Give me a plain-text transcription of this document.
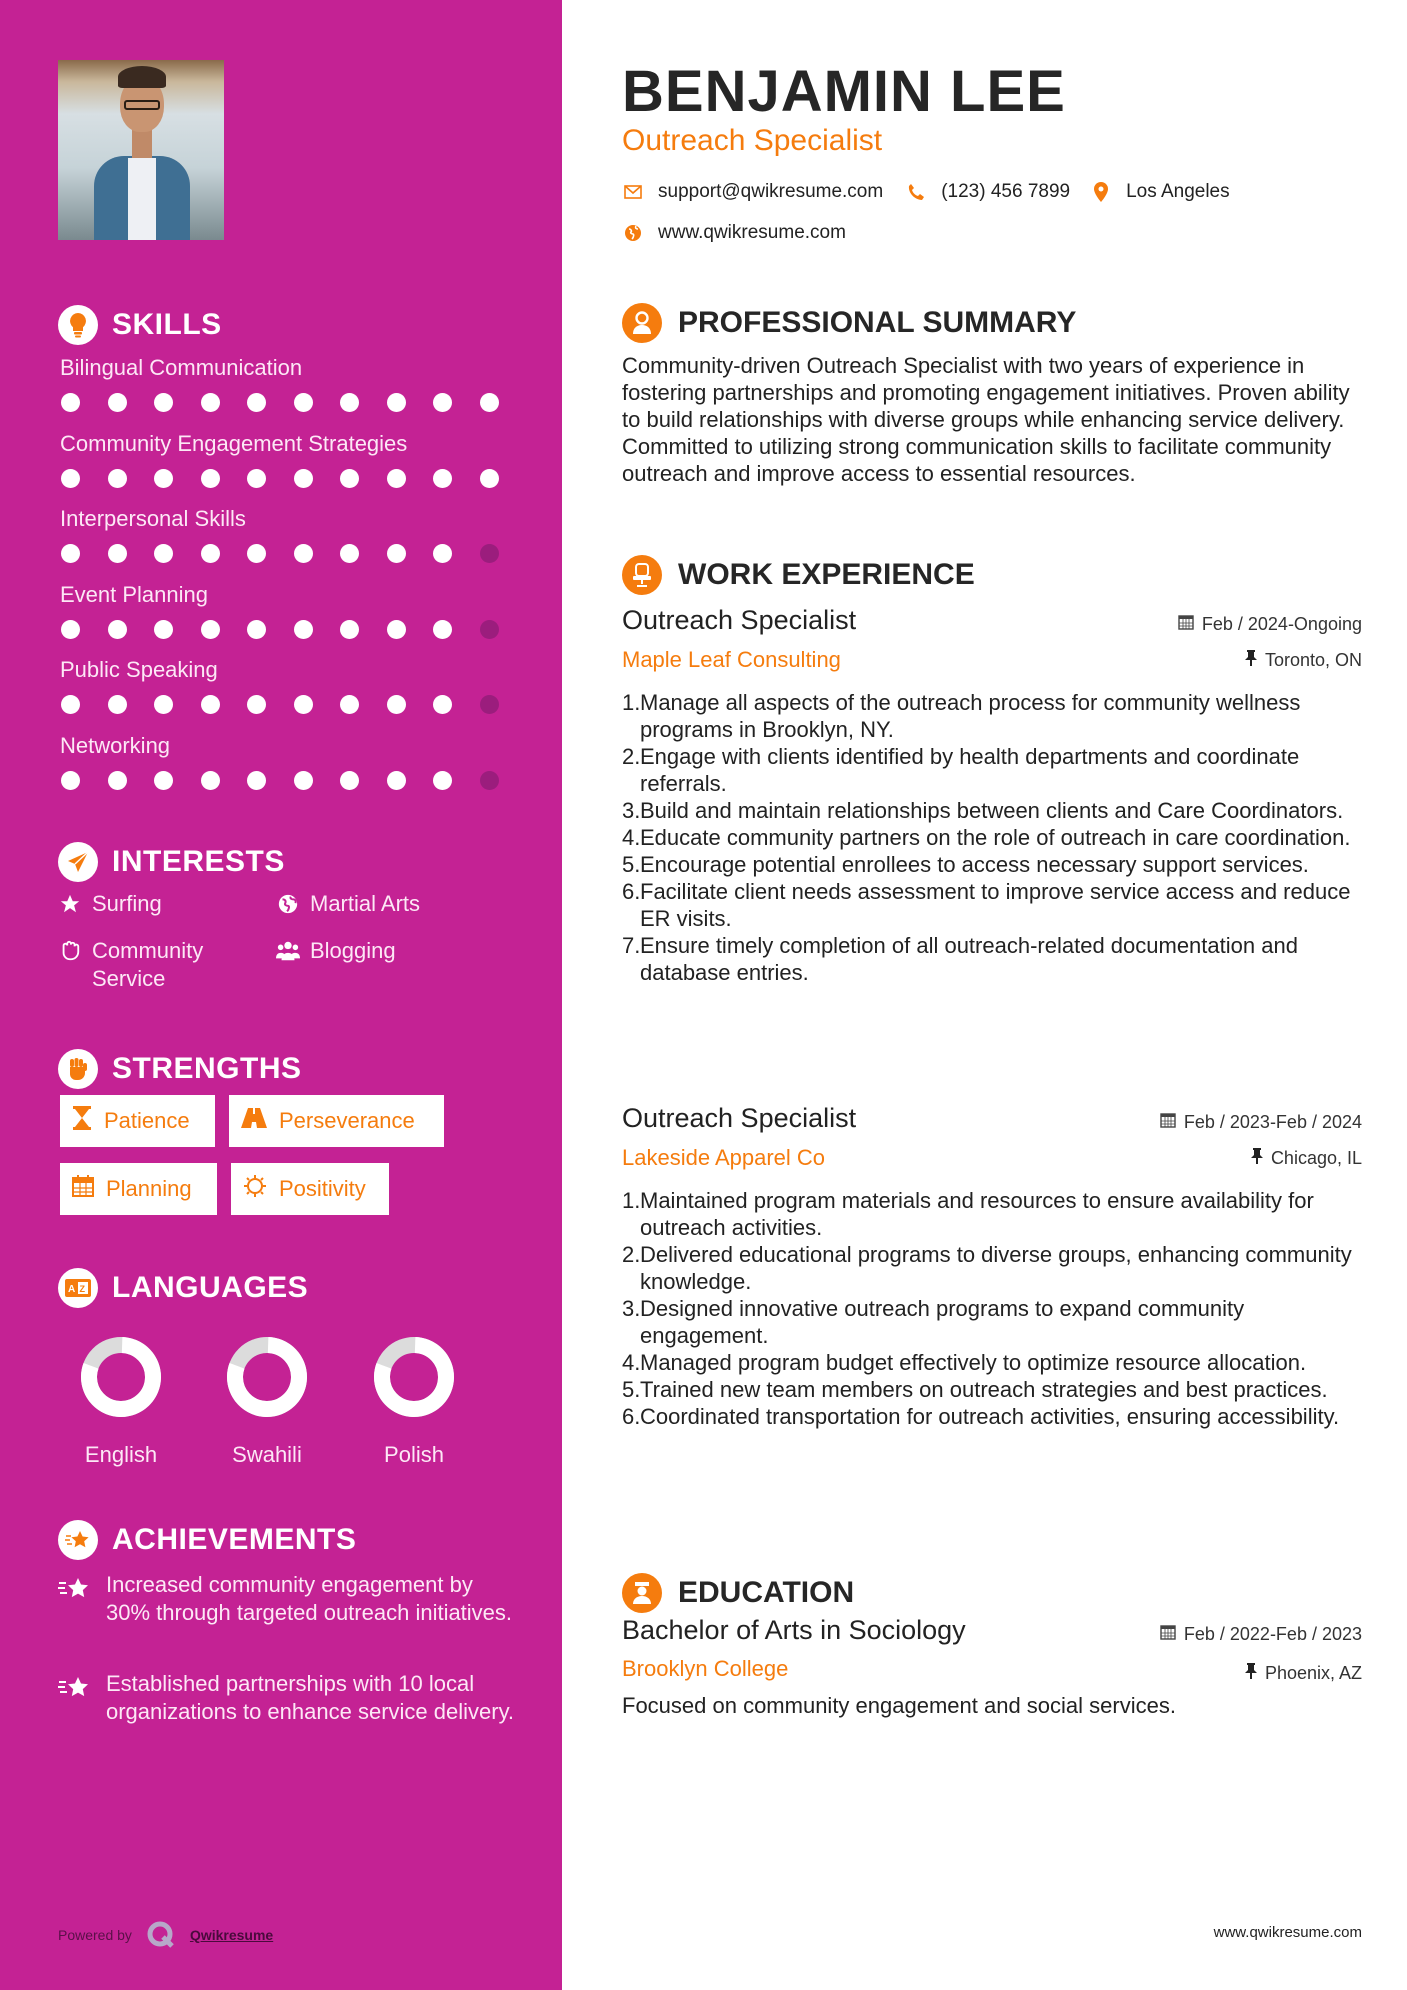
SKILLS
Bilingual Communication
Community Engagement Strategies
Interpersonal Skills
Event Planning
Public Speaking
Networking
INTERESTS
Surfing	Martial Arts
Community Service
Blogging
STRENGTHS
Patience	Perseverance
Planning	Positivity
A Z LANGUAGES
English	Swahili	Polish
ACHIEVEMENTS
Increased community engagement by 30% through targeted outreach initiatives.
Established partnerships with 10 local organizations to enhance service delivery.
Powered by	Qwikresume
BENJAMIN LEE
Outreach Specialist
support@qwikresume.com	(123) 456 7899	Los Angeles
www.qwikresume.com
PROFESSIONAL SUMMARY

Community-driven Outreach Specialist with two years of experience in fostering partnerships and promoting engagement initiatives. Proven ability to build relationships with diverse groups while enhancing service delivery. Committed to utilizing strong communication skills to facilitate community outreach and improve access to essential resources.

WORK EXPERIENCE
Outreach Specialist	Feb / 2024-Ongoing
Maple Leaf Consulting	Toronto, ON
1. Manage all aspects of the outreach process for community wellness programs in Brooklyn, NY.
2. Engage with clients identified by health departments and coordinate referrals.
3. Build and maintain relationships between clients and Care Coordinators.
4. Educate community partners on the role of outreach in care coordination.
5. Encourage potential enrollees to access necessary support services.
6. Facilitate client needs assessment to improve service access and reduce ER visits.
7. Ensure timely completion of all outreach-related documentation and database entries.
Outreach Specialist	Feb / 2023-Feb / 2024
Lakeside Apparel Co	Chicago, IL
1. Maintained program materials and resources to ensure availability for outreach activities.
2. Delivered educational programs to diverse groups, enhancing community knowledge.
3. Designed innovative outreach programs to expand community engagement.
4. Managed program budget effectively to optimize resource allocation.
5. Trained new team members on outreach strategies and best practices.
6. Coordinated transportation for outreach activities, ensuring accessibility.
EDUCATION
Bachelor of Arts in Sociology	Feb / 2022-Feb / 2023
Brooklyn College	Phoenix, AZ
Focused on community engagement and social services.
www.qwikresume.com
